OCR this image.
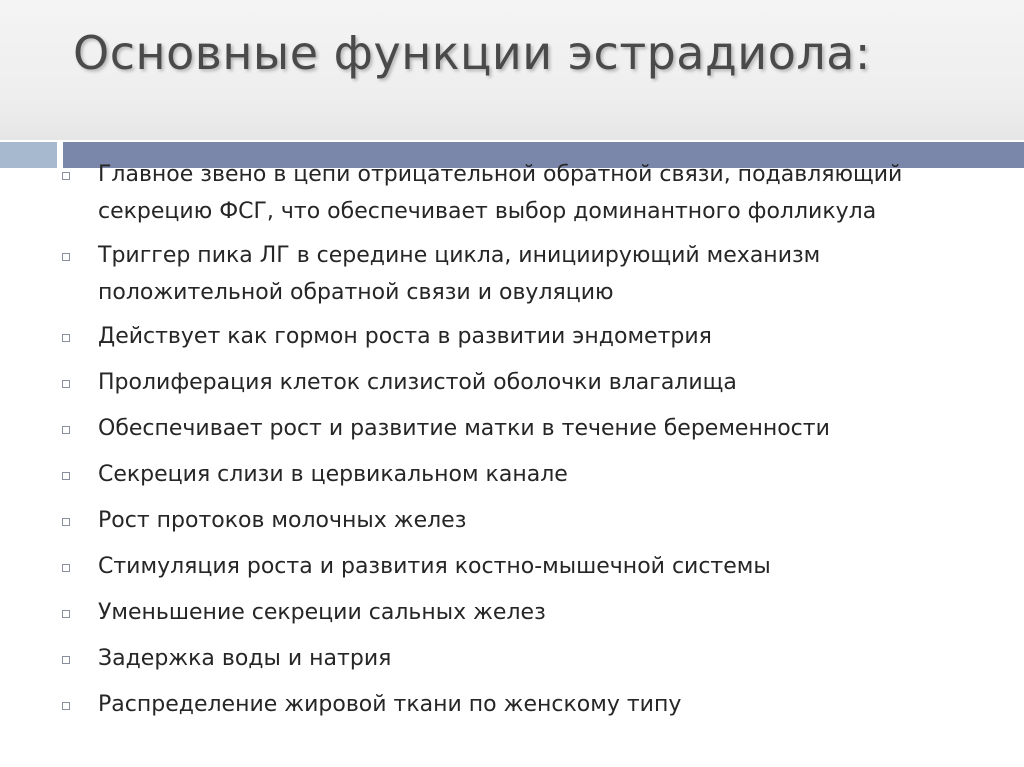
Основные функции эстрадиола:
Главное звено в цепи отрицательной обратной связи, подавляющий
секрецию ФСГ, что обеспечивает выбор доминантного фолликула
Триггер пика ЛГ в середине цикла, инициирующий механизм
положительной обратной связи и овуляцию
Действует как гормон роста в развитии эндометрия
Пролиферация клеток слизистой оболочки влагалища
Обеспечивает рост и развитие матки в течение беременности
Секреция слизи в цервикальном канале
Рост протоков молочных желез
Стимуляция роста и развития костно-мышечной системы
Уменьшение секреции сальных желез
Задержка воды и натрия
Распределение жировой ткани по женскому типу
